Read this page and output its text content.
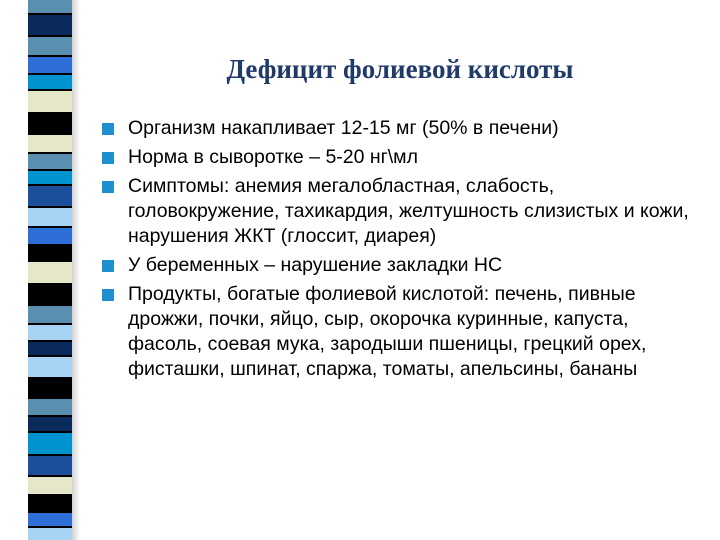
Дефицит фолиевой кислоты
Организм накапливает 12-15 мг (50% в печени)
Норма в сыворотке – 5-20 нг\мл
Симптомы: анемия мегалобластная, слабость, головокружение, тахикардия, желтушность слизистых и кожи, нарушения ЖКТ (глоссит, диарея)
У беременных – нарушение закладки НС
Продукты, богатые фолиевой кислотой: печень, пивные дрожжи, почки, яйцо, сыр, окорочка куринные, капуста, фасоль, соевая мука, зародыши пшеницы, грецкий орех, фисташки, шпинат, спаржа, томаты, апельсины, бананы
